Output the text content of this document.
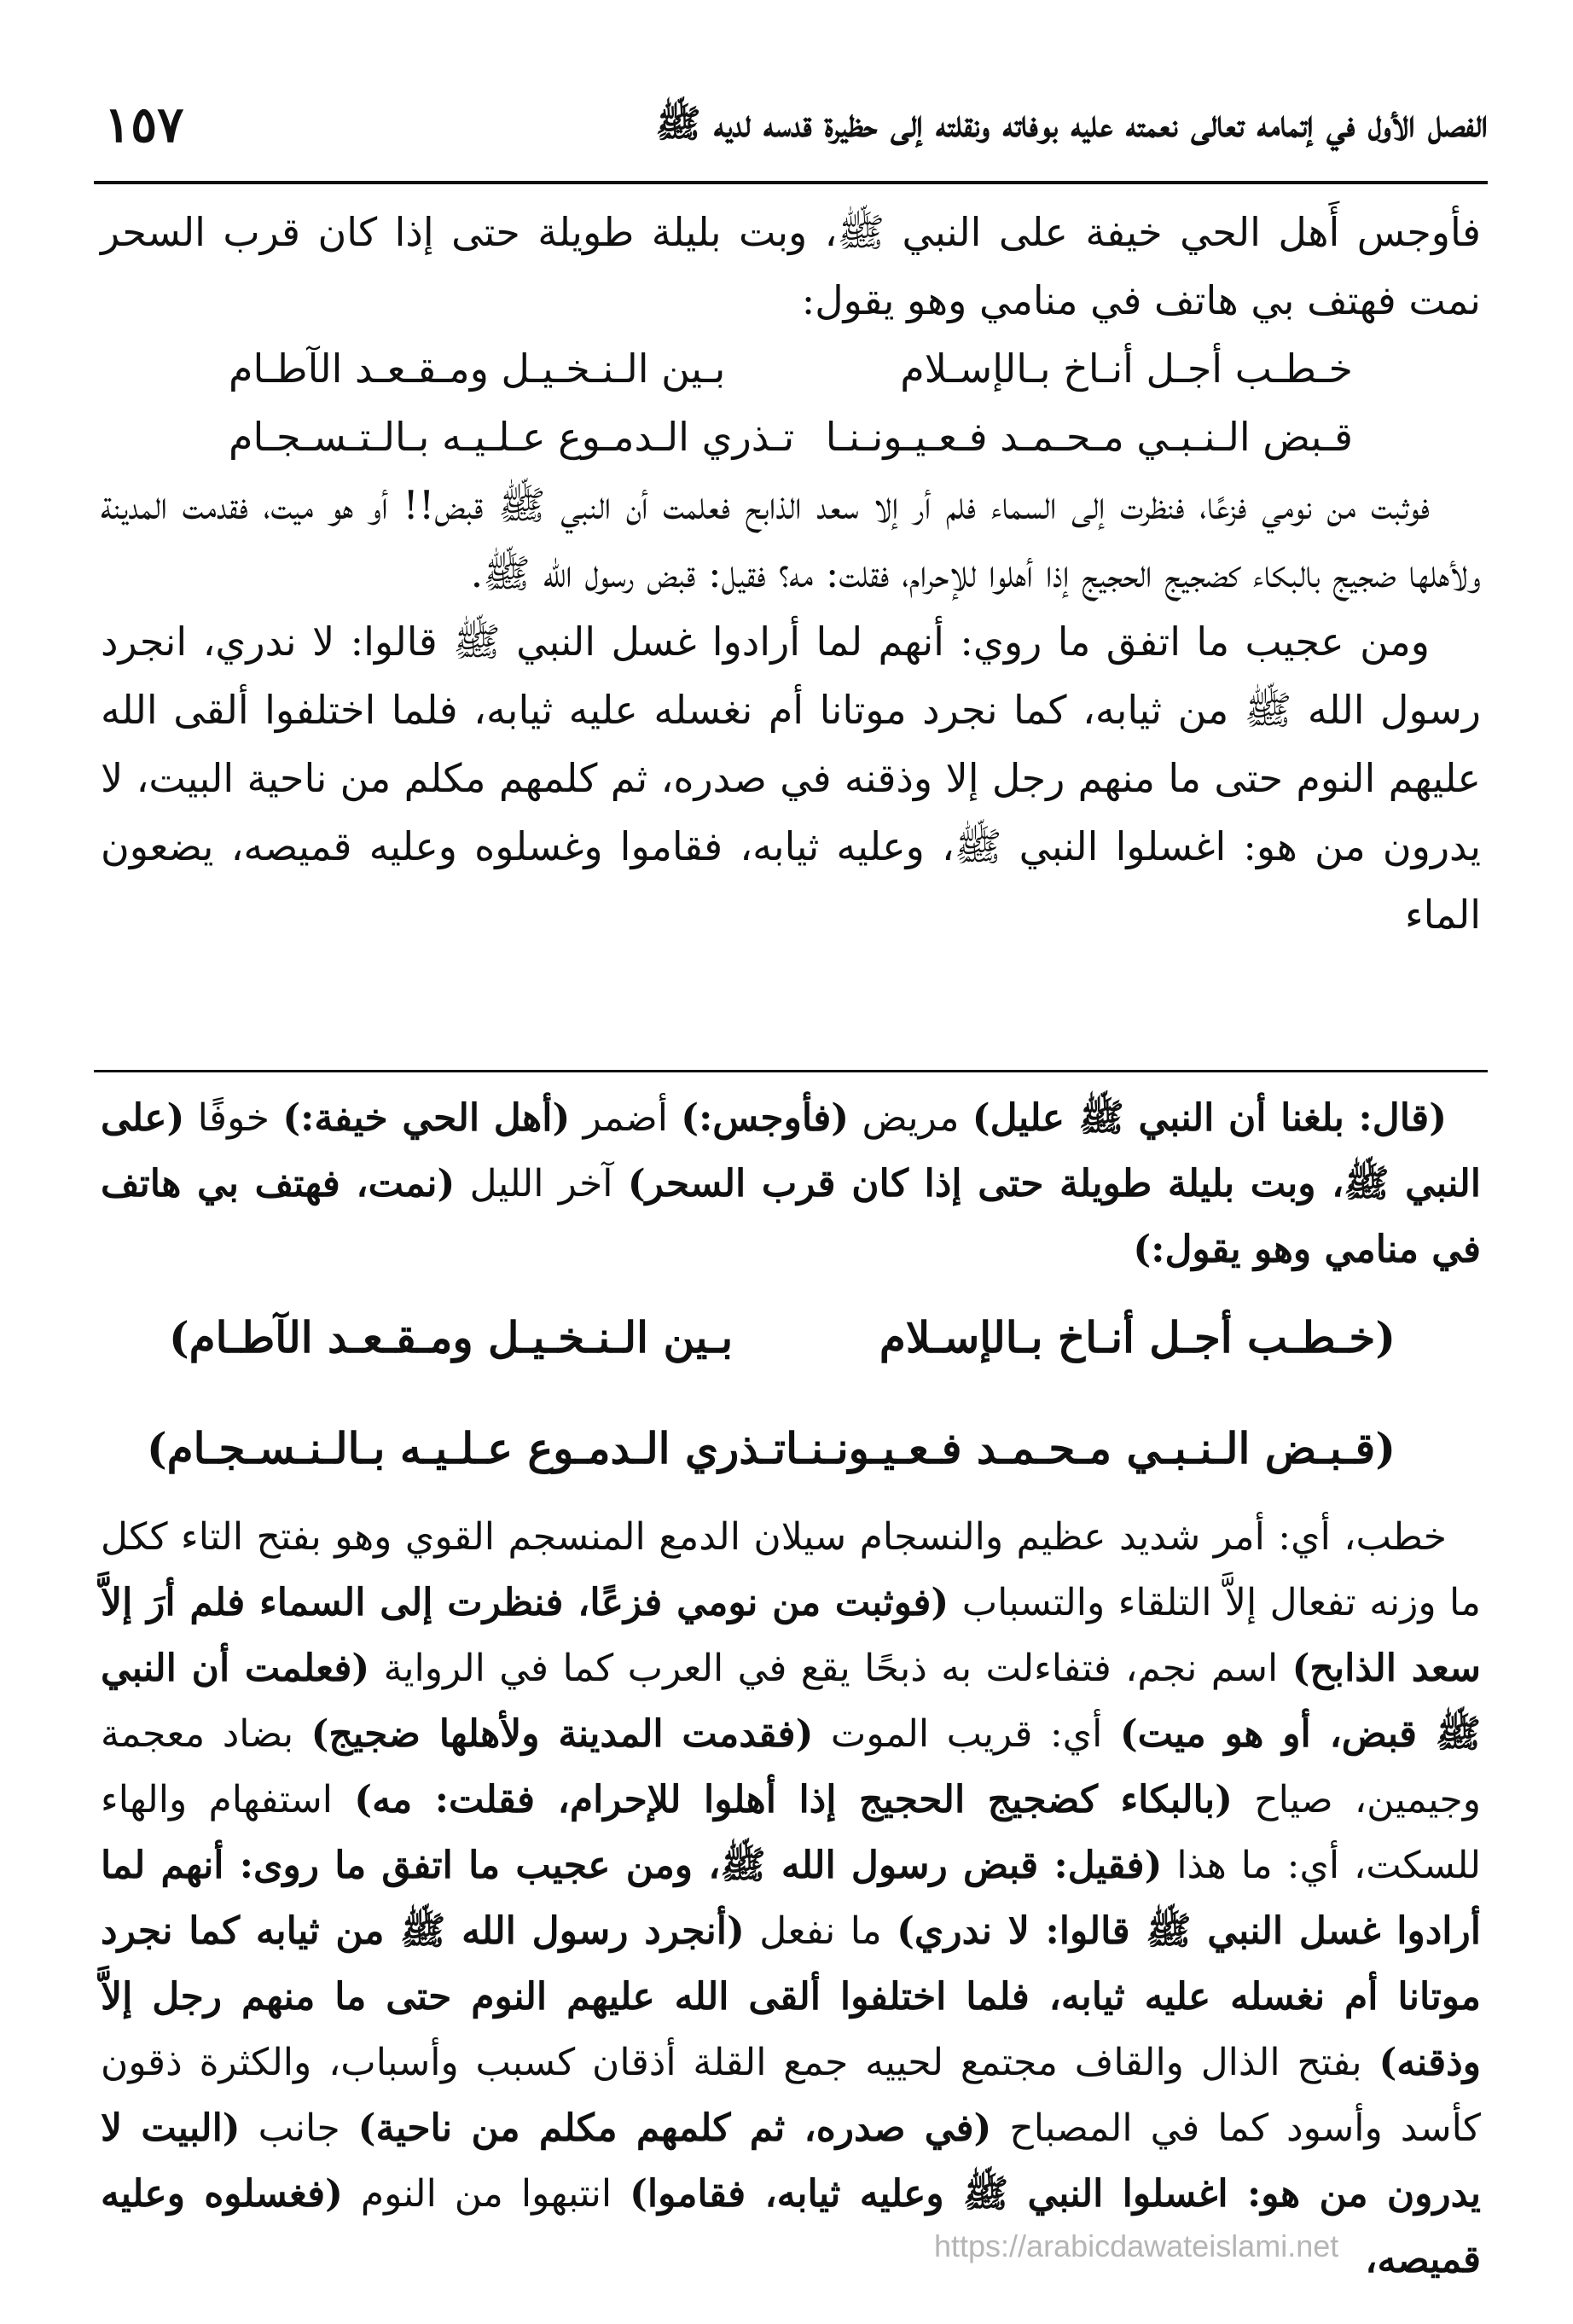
الفصل الأول في إتمامه تعالى نعمته عليه بوفاته ونقلته إلى حظيرة قدسه لديه ﷺ
١٥٧

فأوجس أَهل الحي خيفة على النبي ﷺ، وبت بليلة طويلة حتى إذا كان قرب السحر نمت فهتف بي هاتف في منامي وهو يقول:

خـطـب أجـل أنـاخ بـالإسـلام
بـين الـنـخـيـل ومـقـعـد الآطـام
قـبض الـنـبـي مـحـمـد فـعـيـونـنـا
تـذري الـدمـوع عـلـيـه بـالـتـسـجـام

فوثبت من نومي فزعًا، فنظرت إلى السماء فلم أر إلا سعد الذابح فعلمت أن النبي ﷺ قبض!! أو هو ميت، فقدمت المدينة ولأهلها ضجيج بالبكاء كضجيج الحجيج إذا أهلوا للإحرام، فقلت: مه؟ فقيل: قبض رسول الله ﷺ.

ومن عجيب ما اتفق ما روي: أنهم لما أرادوا غسل النبي ﷺ قالوا: لا ندري، انجرد رسول الله ﷺ من ثيابه، كما نجرد موتانا أم نغسله عليه ثيابه، فلما اختلفوا ألقى الله عليهم النوم حتى ما منهم رجل إلا وذقنه في صدره، ثم كلمهم مكلم من ناحية البيت، لا يدرون من هو: اغسلوا النبي ﷺ، وعليه ثيابه، فقاموا وغسلوه وعليه قميصه، يضعون الماء

(قال: بلغنا أن النبي ﷺ عليل) مريض (فأوجس:) أضمر (أهل الحي خيفة:) خوفًا (على النبي ﷺ، وبت بليلة طويلة حتى إذا كان قرب السحر) آخر الليل (نمت، فهتف بي هاتف في منامي وهو يقول:)

(خـطـب أجـل أنـاخ بـالإسـلام
بـين الـنـخـيـل ومـقـعـد الآطـام)
(قـبـض الـنـبـي مـحـمـد فـعـيـونـنـا
تـذري الـدمـوع عـلـيـه بـالـنـسـجـام)

خطب، أي: أمر شديد عظيم والنسجام سيلان الدمع المنسجم القوي وهو بفتح التاء ككل ما وزنه تفعال إلاَّ التلقاء والتسباب (فوثبت من نومي فزعًا، فنظرت إلى السماء فلم أرَ إلاَّ سعد الذابح) اسم نجم، فتفاءلت به ذبحًا يقع في العرب كما في الرواية (فعلمت أن النبي ﷺ قبض، أو هو ميت) أي: قريب الموت (فقدمت المدينة ولأهلها ضجيج) بضاد معجمة وجيمين، صياح (بالبكاء كضجيج الحجيج إذا أهلوا للإحرام، فقلت: مه) استفهام والهاء للسكت، أي: ما هذا (فقيل: قبض رسول الله ﷺ، ومن عجيب ما اتفق ما روى: أنهم لما أرادوا غسل النبي ﷺ قالوا: لا ندري) ما نفعل (أنجرد رسول الله ﷺ من ثيابه كما نجرد موتانا أم نغسله عليه ثيابه، فلما اختلفوا ألقى الله عليهم النوم حتى ما منهم رجل إلاَّ وذقنه) بفتح الذال والقاف مجتمع لحييه جمع القلة أذقان كسبب وأسباب، والكثرة ذقون كأسد وأسود كما في المصباح (في صدره، ثم كلمهم مكلم من ناحية) جانب (البيت لا يدرون من هو: اغسلوا النبي ﷺ وعليه ثيابه، فقاموا) انتبهوا من النوم (فغسلوه وعليه قميصه،

https://arabicdawateislami.net
